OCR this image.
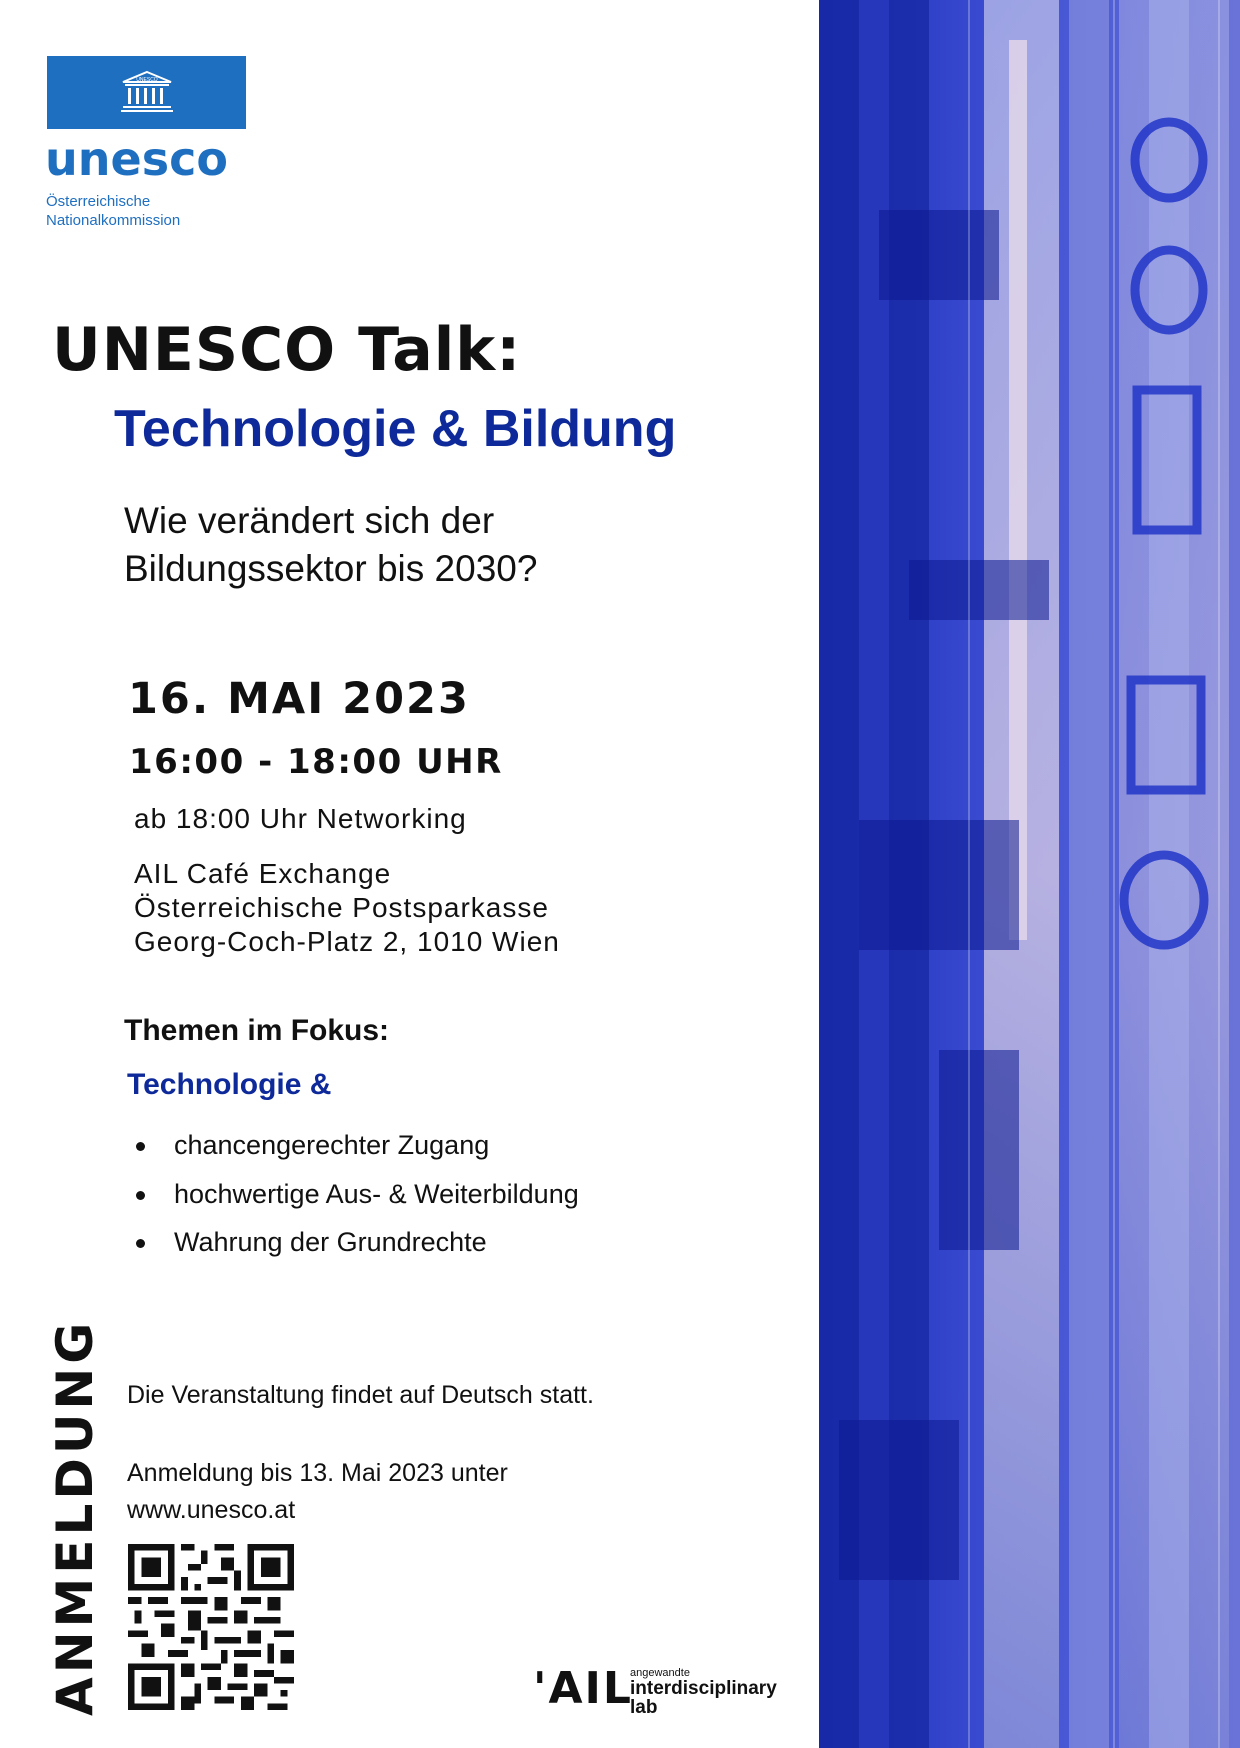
UNESCO
unesco
Österreichische
Nationalkommission
UNESCO Talk:
Technologie & Bildung
Wie verändert sich der
Bildungssektor bis 2030?
16. MAI 2023
16:00 - 18:00 UHR
ab 18:00 Uhr Networking
AIL Café Exchange
Österreichische Postsparkasse
Georg-Coch-Platz 2, 1010 Wien
Themen im Fokus:
Technologie &
chancengerechter Zugang
hochwertige Aus- & Weiterbildung
Wahrung der Grundrechte
ANMELDUNG Die Veranstaltung findet auf Deutsch statt.
Anmeldung bis 13. Mai 2023 unter
www.unesco.at
'AIL
angewandte
interdisciplinary
lab
